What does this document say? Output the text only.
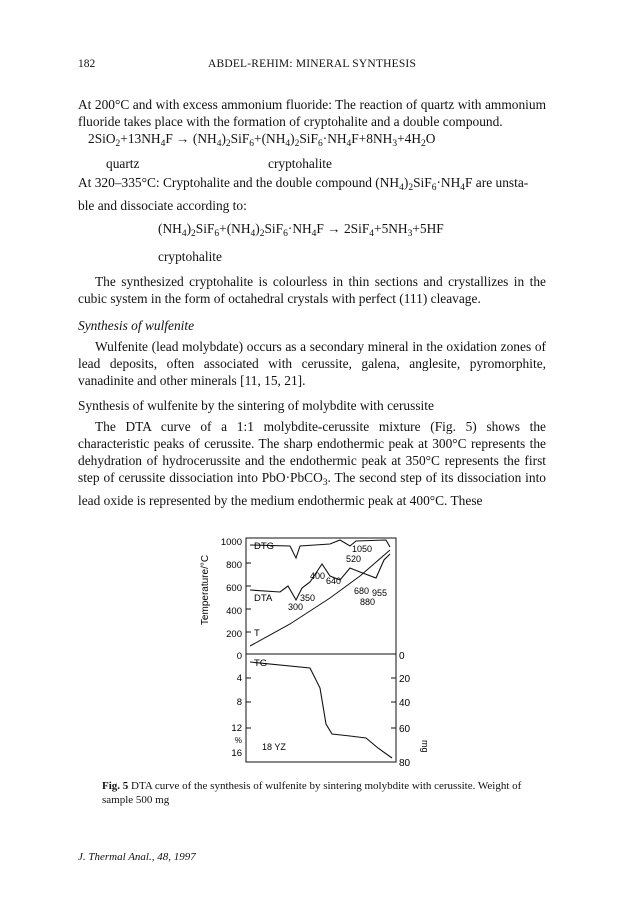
182	ABDEL-REHIM: MINERAL SYNTHESIS

At 200°C and with excess ammonium fluoride: The reaction of quartz with ammonium fluoride takes place with the formation of cryptohalite and a double compound.

$2SiO_2+13NH_4F \to (NH_4)_2SiF_6+(NH_4)_2SiF_6\cdot NH_4F+8NH_3+4H_2O$

quartz	cryptohalite

At 320–335°C: Cryptohalite and the double compound $(NH_4)_2SiF_6\cdot NH_4F$ are unsta-
ble and dissociate according to:

$(NH_4)_2SiF_6+(NH_4)_2SiF_6\cdot NH_4F \to 2SiF_4+5NH_3+5HF$

cryptohalite

The synthesized cryptohalite is colourless in thin sections and crystallizes in the cubic system in the form of octahedral crystals with perfect (111) cleavage.

Synthesis of wulfenite

Wulfenite (lead molybdate) occurs as a secondary mineral in the oxidation zones of lead deposits, often associated with cerussite, galena, anglesite, pyromorphite, vanadinite and other minerals [11, 15, 21].

Synthesis of wulfenite by the sintering of molybdite with cerussite

The DTA curve of a 1:1 molybdite-cerussite mixture (Fig. 5) shows the characteristic peaks of cerussite. The sharp endothermic peak at 300°C represents the dehydration of hydrocerussite and the endothermic peak at 350°C represents the first step of cerussite dissociation into PbO·PbCO$_3$. The second step of its dissociation into lead oxide is represented by the medium endothermic peak at 400°C. These

Temperature/°C
1000
800
600
400
200
0
DTG
DTA
T
TG
1050
520
400 640
680 955
880
350
300
4
8
12
%
16
0
20
40
60
80
mg
18 YZ

Fig. 5 DTA curve of the synthesis of wulfenite by sintering molybdite with cerussite. Weight of sample 500 mg

J. Thermal Anal., 48, 1997
